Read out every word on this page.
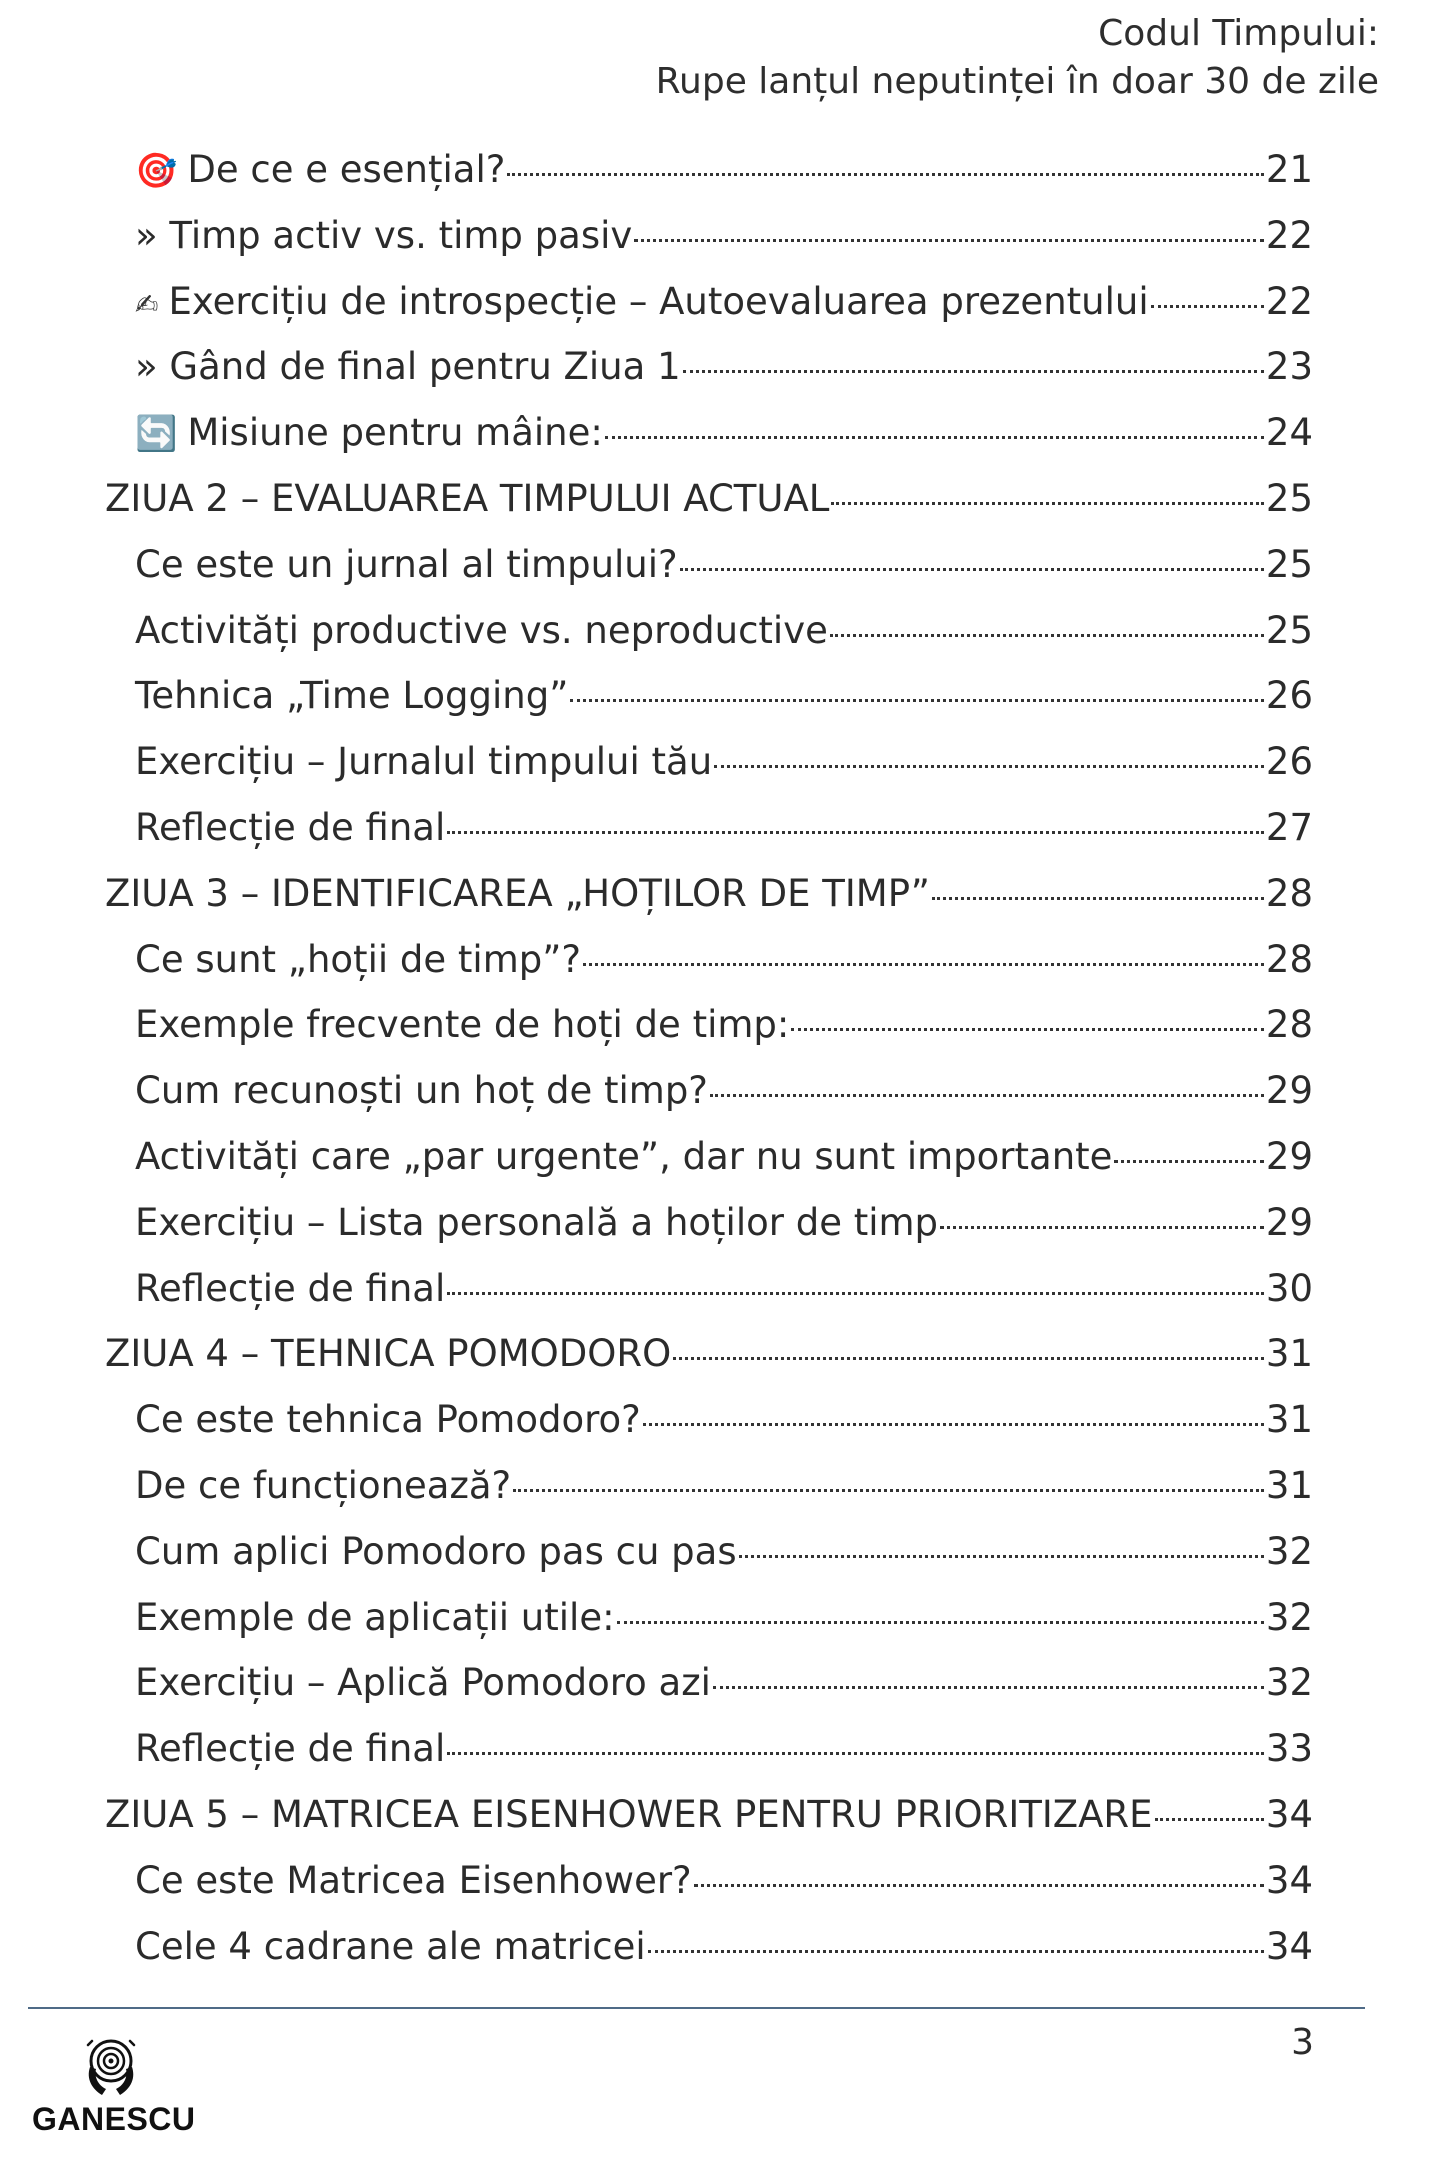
Codul Timpului:
Rupe lanțul neputinței în doar 30 de zile
🎯 De ce e esențial?	21
» Timp activ vs. timp pasiv	22
✍ Exercițiu de introspecție – Autoevaluarea prezentului	22
» Gând de final pentru Ziua 1	23
🔄 Misiune pentru mâine:	24
ZIUA 2 – EVALUAREA TIMPULUI ACTUAL	25
Ce este un jurnal al timpului?	25
Activități productive vs. neproductive	25
Tehnica „Time Logging”	26
Exercițiu – Jurnalul timpului tău	26
Reflecție de final	27
ZIUA 3 – IDENTIFICAREA „HOȚILOR DE TIMP”	28
Ce sunt „hoții de timp”?	28
Exemple frecvente de hoți de timp:	28
Cum recunoști un hoț de timp?	29
Activități care „par urgente”, dar nu sunt importante	29
Exercițiu – Lista personală a hoților de timp	29
Reflecție de final	30
ZIUA 4 – TEHNICA POMODORO	31
Ce este tehnica Pomodoro?	31
De ce funcționează?	31
Cum aplici Pomodoro pas cu pas	32
Exemple de aplicații utile:	32
Exercițiu – Aplică Pomodoro azi	32
Reflecție de final	33
ZIUA 5 – MATRICEA EISENHOWER PENTRU PRIORITIZARE	34
Ce este Matricea Eisenhower?	34
Cele 4 cadrane ale matricei	34
3
GANESCU
